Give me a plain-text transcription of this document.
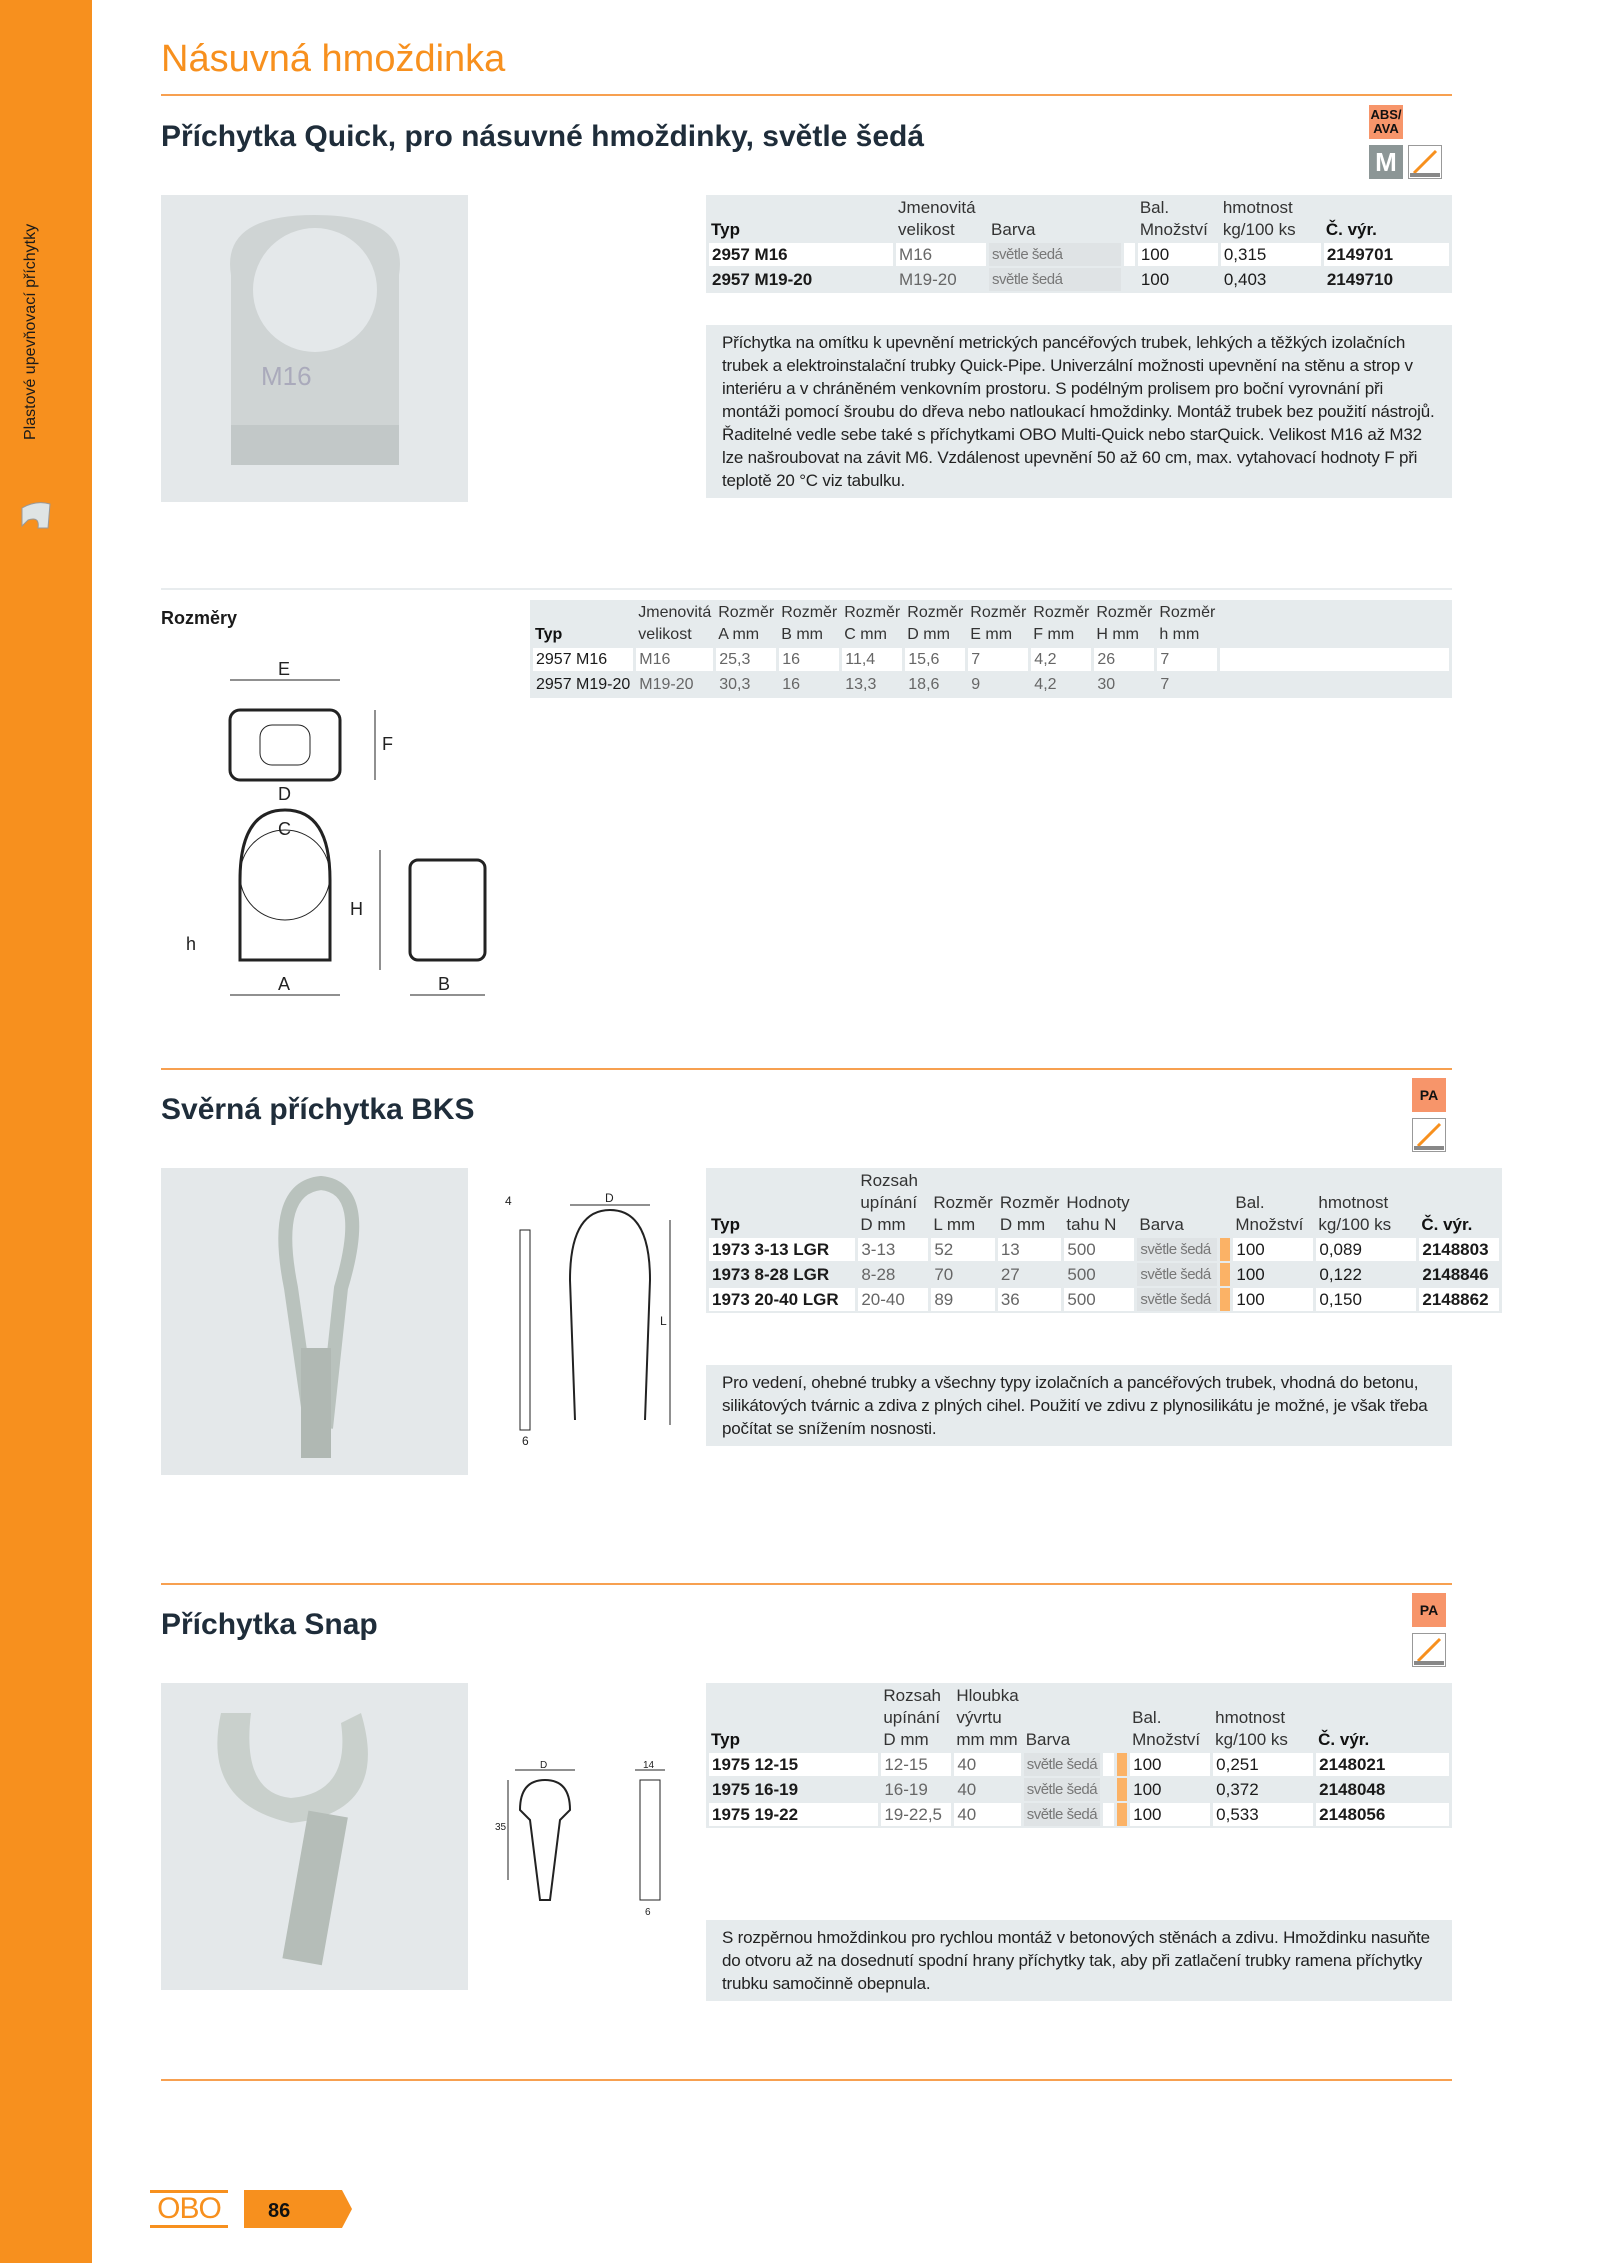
Plastové upevňovací příchytky
Násuvná hmoždinka
Příchytka Quick, pro násuvné hmoždinky, světle šedá
ABS/ AVA
M
M16
Typ	Jmenovitá velikost	Barva		Bal. Množství	hmotnost kg/100 ks	Č. výr.
2957 M16	M16	světle šedá		100	0,315	2149701
2957 M19-20	M19-20	světle šedá		100	0,403	2149710
Příchytka na omítku k upevnění metrických pancéřových trubek, lehkých a těžkých izolačních trubek a elektroinstalační trubky Quick-Pipe. Univerzální možnosti upevnění na stěnu a strop v interiéru a v chráněném venkovním prostoru. S podélným prolisem pro boční vyrovnání při montáži pomocí šroubu do dřeva nebo natloukací hmoždinky. Montáž trubek bez použití nástrojů. Řaditelné vedle sebe také s příchytkami OBO Multi-Quick nebo starQuick. Velikost M16 až M32 lze našroubovat na závit M6. Vzdálenost upevnění 50 až 60 cm, max. vytahovací hodnoty F při teplotě 20 °C viz tabulku.
Rozměry
Typ	Jmenovitá velikost	Rozměr A mm	Rozměr B mm	Rozměr C mm	Rozměr D mm	Rozměr E mm	Rozměr F mm	Rozměr H mm	Rozměr h mm	
2957 M16	M16	25,3	16	11,4	15,6	7	4,2	26	7	
2957 M19-20	M19-20	30,3	16	13,3	18,6	9	4,2	30	7	
E
F
D
C
H
h
A	B
Svěrná příchytka BKS	PA
4	D
L
6
Typ	Rozsah upínání D mm	Rozměr L mm	Rozměr D mm	Hodnoty tahu N	Barva		Bal. Množství	hmotnost kg/100 ks	Č. výr.
1973 3-13 LGR	3-13	52	13	500	světle šedá		100	0,089	2148803
1973 8-28 LGR	8-28	70	27	500	světle šedá		100	0,122	2148846
1973 20-40 LGR	20-40	89	36	500	světle šedá		100	0,150	2148862
Pro vedení, ohebné trubky a všechny typy izolačních a pancéřových trubek, vhodná do betonu, silikátových tvárnic a zdiva z plných cihel. Použití ve zdivu z plynosilikátu je možné, je však třeba počítat se snížením nosnosti.
Příchytka Snap	PA
D
35
14
6
Typ	Rozsah upínání D mm	Hloubka vývrtu mm mm	Barva			Bal. Množství	hmotnost kg/100 ks	Č. výr.
1975 12-15	12-15	40	světle šedá			100	0,251	2148021
1975 16-19	16-19	40	světle šedá			100	0,372	2148048
1975 19-22	19-22,5	40	světle šedá			100	0,533	2148056
S rozpěrnou hmoždinkou pro rychlou montáž v betonových stěnách a zdivu. Hmoždinku nasuňte do otvoru až na dosednutí spodní hrany příchytky tak, aby při zatlačení trubky ramena příchytky trubku samočinně obepnula.
OBO	86
